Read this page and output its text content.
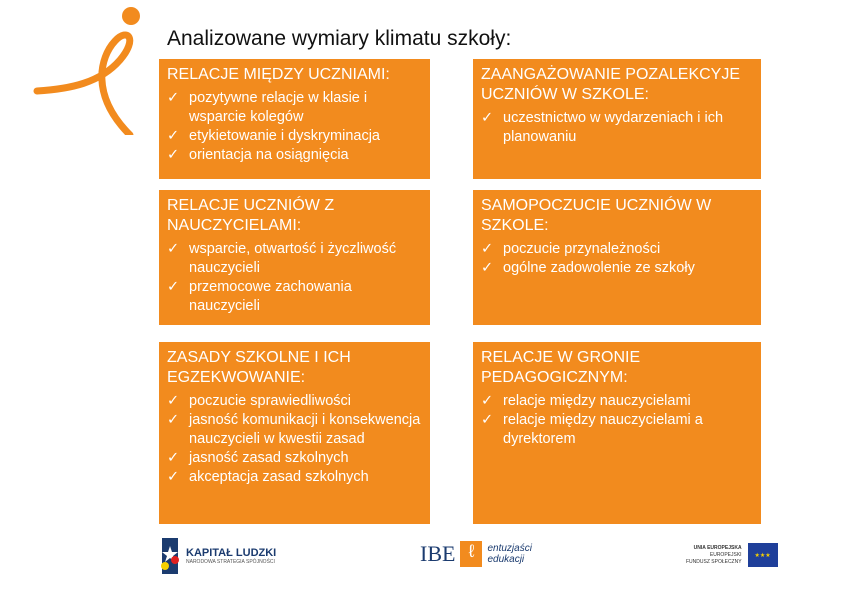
Analizowane wymiary klimatu szkoły:
RELACJE MIĘDZY UCZNIAMI:
✓ pozytywne relacje w klasie i wsparcie kolegów
✓ etykietowanie i dyskryminacja
✓ orientacja na osiągnięcia
ZAANGAŻOWANIE POZALEKCYJE UCZNIÓW W SZKOLE:
✓ uczestnictwo w wydarzeniach i ich planowaniu
RELACJE UCZNIÓW Z NAUCZYCIELAMI:
✓ wsparcie, otwartość i życzliwość nauczycieli
✓ przemocowe zachowania nauczycieli
SAMOPOCZUCIE UCZNIÓW W SZKOLE:
✓ poczucie przynależności
✓ ogólne zadowolenie ze szkoły
ZASADY SZKOLNE I ICH EGZEKWOWANIE:
✓ poczucie sprawiedliwości
✓ jasność komunikacji i konsekwencja nauczycieli w kwestii zasad
✓ jasność zasad szkolnych
✓ akceptacja zasad szkolnych
RELACJE W GRONIE PEDAGOGICZNYM:
✓ relacje między nauczycielami
✓ relacje między nauczycielami a dyrektorem
KAPITAŁ LUDZKI
NARODOWA STRATEGIA SPÓJNOŚCI	IBE ℓ	entuzjaści
edukacji
UNIA EUROPEJSKA
EUROPEJSKI
FUNDUSZ SPOŁECZNY
★★★
